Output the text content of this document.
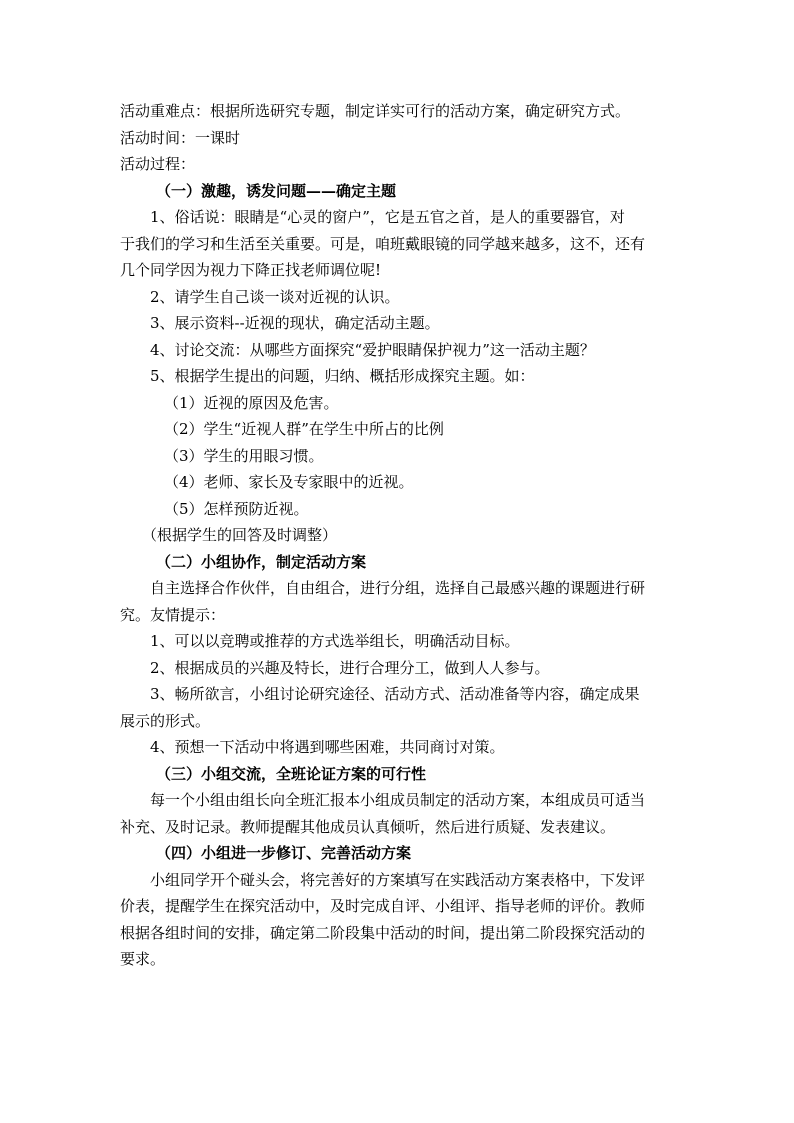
活动重难点：根据所选研究专题，制定详实可行的活动方案，确定研究方式。
活动时间：一课时
活动过程：
（一）激趣，诱发问题——确定主题
1、俗话说：眼睛是“心灵的窗户”，它是五官之首，是人的重要器官，对
于我们的学习和生活至关重要。可是，咱班戴眼镜的同学越来越多，这不，还有
几个同学因为视力下降正找老师调位呢!
2、请学生自己谈一谈对近视的认识。
3、展示资料--近视的现状，确定活动主题。
4、讨论交流：从哪些方面探究“爱护眼睛保护视力”这一活动主题？
5、根据学生提出的问题，归纳、概括形成探究主题。如：
（1）近视的原因及危害。
（2）学生“近视人群”在学生中所占的比例
（3）学生的用眼习惯。
（4）老师、家长及专家眼中的近视。
（5）怎样预防近视。
（根据学生的回答及时调整）
（二）小组协作，制定活动方案
自主选择合作伙伴，自由组合，进行分组，选择自己最感兴趣的课题进行研
究。友情提示：
1、可以以竞聘或推荐的方式选举组长，明确活动目标。
2、根据成员的兴趣及特长，进行合理分工，做到人人参与。
3、畅所欲言，小组讨论研究途径、活动方式、活动准备等内容，确定成果
展示的形式。
4、预想一下活动中将遇到哪些困难，共同商讨对策。
（三）小组交流，全班论证方案的可行性
每一个小组由组长向全班汇报本小组成员制定的活动方案，本组成员可适当
补充、及时记录。教师提醒其他成员认真倾听，然后进行质疑、发表建议。
（四）小组进一步修订、完善活动方案
小组同学开个碰头会，将完善好的方案填写在实践活动方案表格中，下发评
价表，提醒学生在探究活动中，及时完成自评、小组评、指导老师的评价。教师
根据各组时间的安排，确定第二阶段集中活动的时间，提出第二阶段探究活动的
要求。
